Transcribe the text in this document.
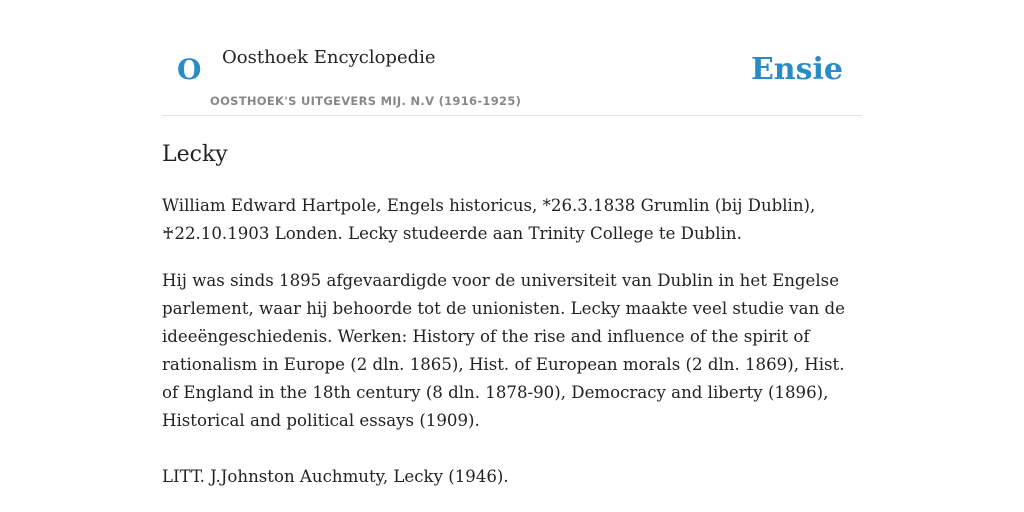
O Oosthoek Encyclopedie
OOSTHOEK'S UITGEVERS MIJ. N.V (1916-1925)
Ensie
Lecky

William Edward Hartpole, Engels historicus, *26.3.1838 Grumlin (bij Dublin), ♰22.10.1903 Londen. Lecky studeerde aan Trinity College te Dublin.

Hij was sinds 1895 afgevaardigde voor de universiteit van Dublin in het Engelse parlement, waar hij behoorde tot de unionisten. Lecky maakte veel studie van de ideeëngeschiedenis. Werken: History of the rise and influence of the spirit of rationalism in Europe (2 dln. 1865), Hist. of European morals (2 dln. 1869), Hist. of England in the 18th century (8 dln. 1878-90), Democracy and liberty (1896), Historical and political essays (1909).

LITT. J.Johnston Auchmuty, Lecky (1946).
